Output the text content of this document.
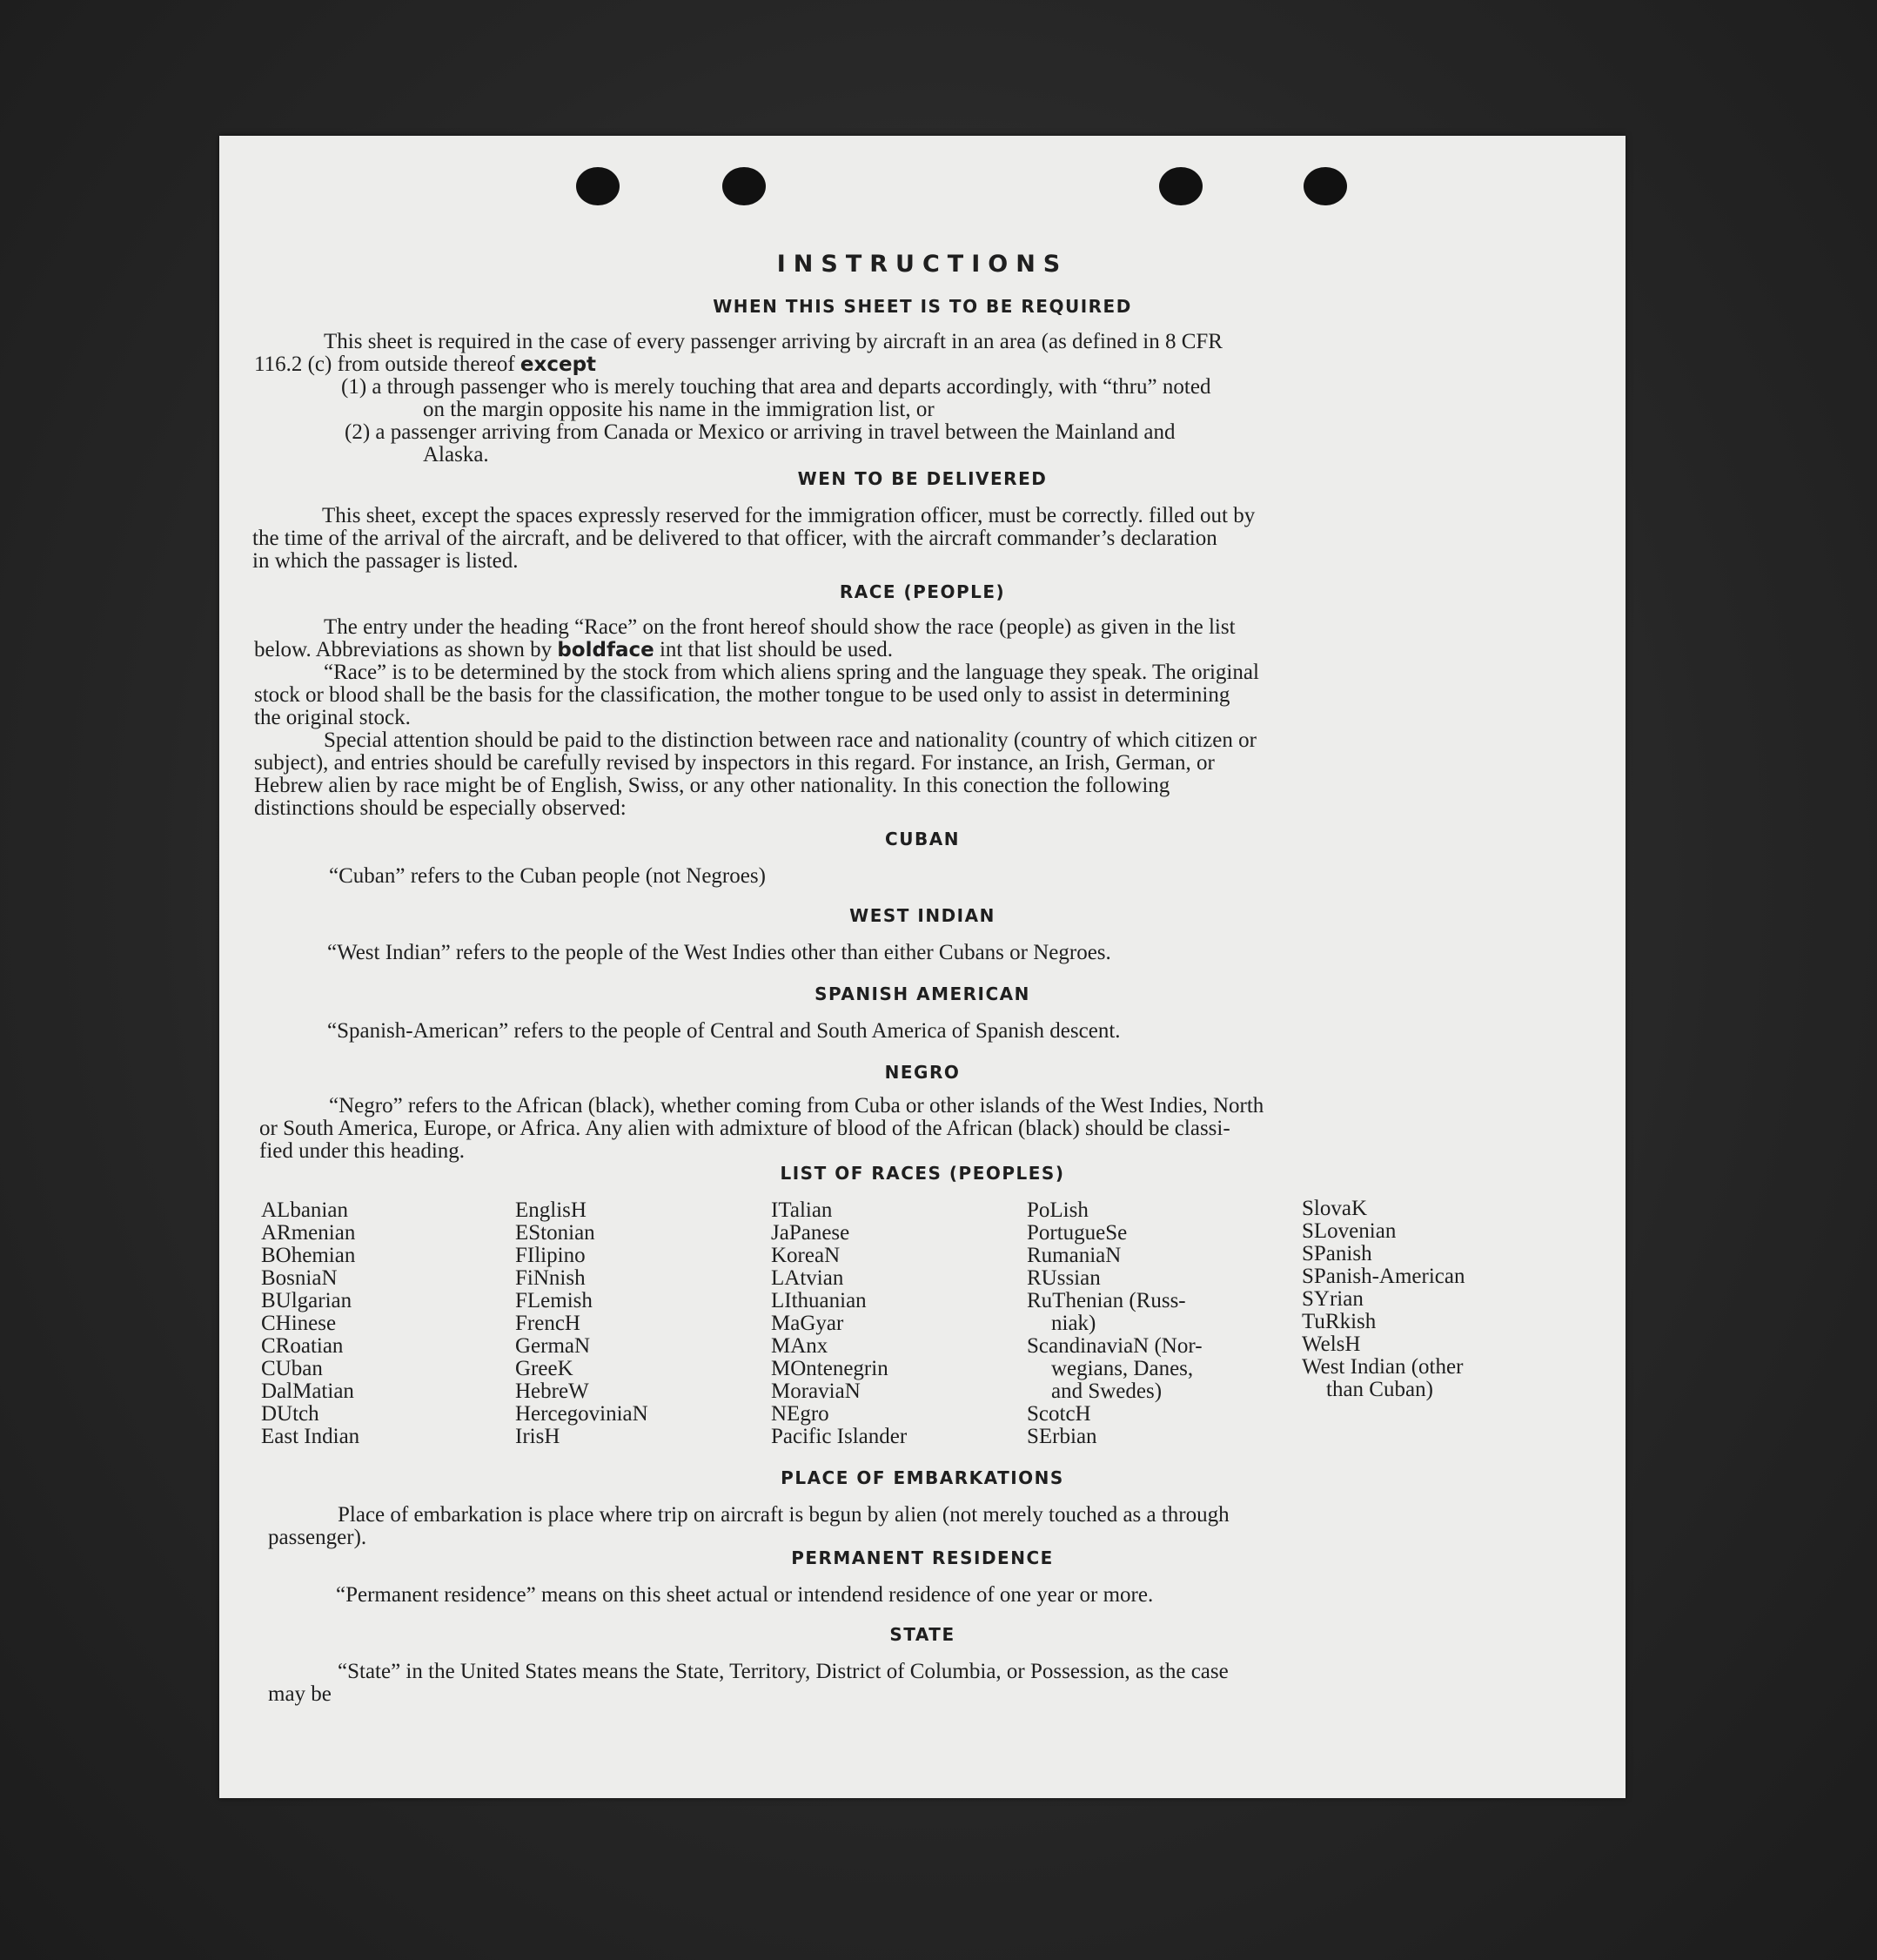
INSTRUCTIONS
WHEN THIS SHEET IS TO BE REQUIRED
This sheet is required in the case of every passenger arriving by aircraft in an area (as defined in 8 CFR
116.2 (c) from outside thereof except
(1) a through passenger who is merely touching that area and departs accordingly, with “thru” noted
on the margin opposite his name in the immigration list, or
(2) a passenger arriving from Canada or Mexico or arriving in travel between the Mainland and
Alaska.
WEN TO BE DELIVERED
This sheet, except the spaces expressly reserved for the immigration officer, must be correctly. filled out by
the time of the arrival of the aircraft, and be delivered to that officer, with the aircraft commander’s declaration
in which the passager is listed.
RACE (PEOPLE)
The entry under the heading “Race” on the front hereof should show the race (people) as given in the list
below. Abbreviations as shown by boldface int that list should be used.
“Race” is to be determined by the stock from which aliens spring and the language they speak. The original
stock or blood shall be the basis for the classification, the mother tongue to be used only to assist in determining
the original stock.
Special attention should be paid to the distinction between race and nationality (country of which citizen or
subject), and entries should be carefully revised by inspectors in this regard. For instance, an Irish, German, or
Hebrew alien by race might be of English, Swiss, or any other nationality. In this conection the following
distinctions should be especially observed:
CUBAN
“Cuban” refers to the Cuban people (not Negroes)
WEST INDIAN
“West Indian” refers to the people of the West Indies other than either Cubans or Negroes.
SPANISH AMERICAN
“Spanish-American” refers to the people of Central and South America of Spanish descent.
NEGRO
“Negro” refers to the African (black), whether coming from Cuba or other islands of the West Indies, North
or South America, Europe, or Africa. Any alien with admixture of blood of the African (black) should be classi-
fied under this heading.
LIST OF RACES (PEOPLES)
ALbanian
ARmenian
BOhemian
BosniaN
BUlgarian
CHinese
CRoatian
CUban
DalMatian
DUtch
East Indian
EnglisH
EStonian
FIlipino
FiNnish
FLemish
FrencH
GermaN
GreeK
HebreW
HercegoviniaN
IrisH
ITalian
JaPanese
KoreaN
LAtvian
LIthuanian
MaGyar
MAnx
MOntenegrin
MoraviaN
NEgro
Pacific Islander
PoLish
PortugueSe
RumaniaN
RUssian
RuThenian (Russ-
niak)
ScandinaviaN (Nor-
wegians, Danes,
and Swedes)
ScotcH
SErbian
SlovaK
SLovenian
SPanish
SPanish-American
SYrian
TuRkish
WelsH
West Indian (other
than Cuban)
PLACE OF EMBARKATIONS
Place of embarkation is place where trip on aircraft is begun by alien (not merely touched as a through
passenger).
PERMANENT RESIDENCE
“Permanent residence” means on this sheet actual or intendend residence of one year or more.
STATE
“State” in the United States means the State, Territory, District of Columbia, or Possession, as the case
may be
